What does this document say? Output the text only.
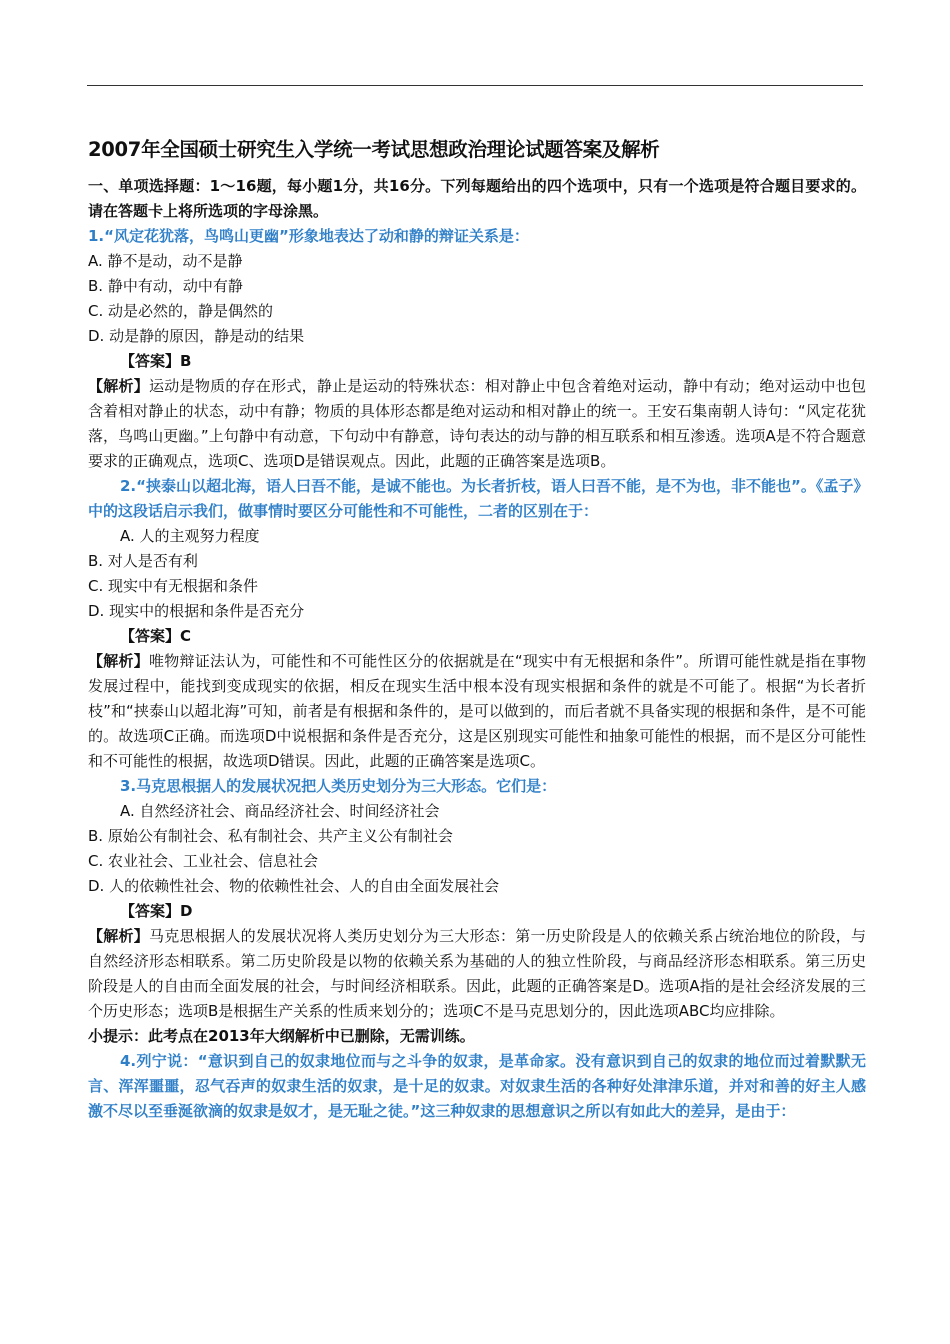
2007年全国硕士研究生入学统一考试思想政治理论试题答案及解析

一、单项选择题：1～16题，每小题1分，共16分。下列每题给出的四个选项中，只有一个选项是符合题目要求的。请在答题卡上将所选项的字母涂黑。

1.“风定花犹落，鸟鸣山更幽”形象地表达了动和静的辩证关系是：

A. 静不是动，动不是静

B. 静中有动，动中有静

C. 动是必然的，静是偶然的

D. 动是静的原因，静是动的结果

【答案】B

【解析】运动是物质的存在形式，静止是运动的特殊状态：相对静止中包含着绝对运动，静中有动；绝对运动中也包含着相对静止的状态，动中有静；物质的具体形态都是绝对运动和相对静止的统一。王安石集南朝人诗句：“风定花犹落，鸟鸣山更幽。”上句静中有动意，下句动中有静意，诗句表达的动与静的相互联系和相互渗透。选项A是不符合题意要求的正确观点，选项C、选项D是错误观点。因此，此题的正确答案是选项B。

2.“挟泰山以超北海，语人曰吾不能，是诚不能也。为长者折枝，语人曰吾不能，是不为也，非不能也”。《孟子》中的这段话启示我们，做事情时要区分可能性和不可能性，二者的区别在于：

A. 人的主观努力程度

B. 对人是否有利

C. 现实中有无根据和条件

D. 现实中的根据和条件是否充分

【答案】C

【解析】唯物辩证法认为，可能性和不可能性区分的依据就是在“现实中有无根据和条件”。所谓可能性就是指在事物发展过程中，能找到变成现实的依据，相反在现实生活中根本没有现实根据和条件的就是不可能了。根据“为长者折枝”和“挟泰山以超北海”可知，前者是有根据和条件的，是可以做到的，而后者就不具备实现的根据和条件，是不可能的。故选项C正确。而选项D中说根据和条件是否充分，这是区别现实可能性和抽象可能性的根据，而不是区分可能性和不可能性的根据，故选项D错误。因此，此题的正确答案是选项C。

3.马克思根据人的发展状况把人类历史划分为三大形态。它们是：

A. 自然经济社会、商品经济社会、时间经济社会

B. 原始公有制社会、私有制社会、共产主义公有制社会

C. 农业社会、工业社会、信息社会

D. 人的依赖性社会、物的依赖性社会、人的自由全面发展社会

【答案】D

【解析】马克思根据人的发展状况将人类历史划分为三大形态：第一历史阶段是人的依赖关系占统治地位的阶段，与自然经济形态相联系。第二历史阶段是以物的依赖关系为基础的人的独立性阶段，与商品经济形态相联系。第三历史阶段是人的自由而全面发展的社会，与时间经济相联系。因此，此题的正确答案是D。选项A指的是社会经济发展的三个历史形态；选项B是根据生产关系的性质来划分的；选项C不是马克思划分的，因此选项ABC均应排除。

小提示：此考点在2013年大纲解析中已删除，无需训练。

4.列宁说：“意识到自己的奴隶地位而与之斗争的奴隶，是革命家。没有意识到自己的奴隶的地位而过着默默无言、浑浑噩噩，忍气吞声的奴隶生活的奴隶，是十足的奴隶。对奴隶生活的各种好处津津乐道，并对和善的好主人感激不尽以至垂涎欲滴的奴隶是奴才，是无耻之徒。”这三种奴隶的思想意识之所以有如此大的差异，是由于：
